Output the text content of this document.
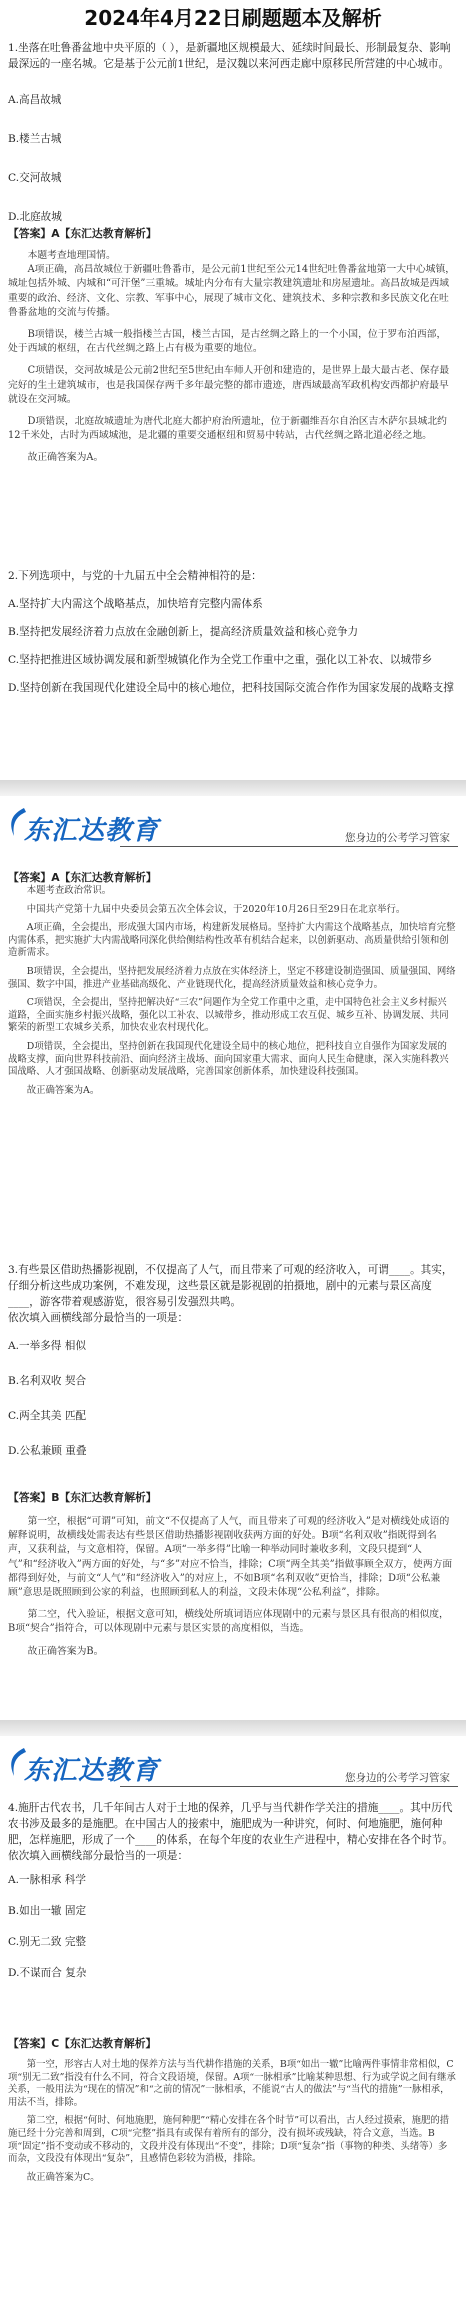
2024年4月22日刷题题本及解析

1.坐落在吐鲁番盆地中央平原的（ ），是新疆地区规模最大、延续时间最长、形制最复杂、影响最深远的一座名城。它是基于公元前1世纪，是汉魏以来河西走廊中原移民所营建的中心城市。

A.高昌故城

B.楼兰古城

C.交河故城

D.北庭故城

【答案】A【东汇达教育解析】

本题考查地理国情。

A项正确，高昌故城位于新疆吐鲁番市，是公元前1世纪至公元14世纪吐鲁番盆地第一大中心城镇，城址包括外城、内城和“可汗堡”三重城。城址内分布有大量宗教建筑遗址和房屋遗址。高昌故城是西域重要的政治、经济、文化、宗教、军事中心，展现了城市文化、建筑技术、多种宗教和多民族文化在吐鲁番盆地的交流与传播。

B项错误，楼兰古城一般指楼兰古国，楼兰古国，是古丝绸之路上的一个小国，位于罗布泊西部，处于西域的枢纽，在古代丝绸之路上占有极为重要的地位。

C项错误，交河故城是公元前2世纪至5世纪由车师人开创和建造的，是世界上最大最古老、保存最完好的生土建筑城市，也是我国保存两千多年最完整的都市遗迹，唐西域最高军政机构安西都护府最早就设在交河城。

D项错误，北庭故城遗址为唐代北庭大都护府治所遗址，位于新疆维吾尔自治区吉木萨尔县城北约12千米处，古时为西域城池，是北疆的重要交通枢纽和贸易中转站，古代丝绸之路北道必经之地。

故正确答案为A。

2.下列选项中，与党的十九届五中全会精神相符的是：

A.坚持扩大内需这个战略基点，加快培育完整内需体系

B.坚持把发展经济着力点放在金融创新上，提高经济质量效益和核心竞争力

C.坚持把推进区域协调发展和新型城镇化作为全党工作重中之重，强化以工补农、以城带乡

D.坚持创新在我国现代化建设全局中的核心地位，把科技国际交流合作作为国家发展的战略支撑

东汇达教育	您身边的公考学习管家

【答案】A【东汇达教育解析】

本题考查政治常识。

中国共产党第十九届中央委员会第五次全体会议，于2020年10月26日至29日在北京举行。

A项正确，全会提出，形成强大国内市场，构建新发展格局。坚持扩大内需这个战略基点，加快培育完整内需体系，把实施扩大内需战略同深化供给侧结构性改革有机结合起来，以创新驱动、高质量供给引领和创造新需求。

B项错误，全会提出，坚持把发展经济着力点放在实体经济上，坚定不移建设制造强国、质量强国、网络强国、数字中国，推进产业基础高级化、产业链现代化，提高经济质量效益和核心竞争力。

C项错误，全会提出，坚持把解决好“三农”问题作为全党工作重中之重，走中国特色社会主义乡村振兴道路，全面实施乡村振兴战略，强化以工补农、以城带乡，推动形成工农互促、城乡互补、协调发展、共同繁荣的新型工农城乡关系，加快农业农村现代化。

D项错误，全会提出，坚持创新在我国现代化建设全局中的核心地位，把科技自立自强作为国家发展的战略支撑，面向世界科技前沿、面向经济主战场、面向国家重大需求、面向人民生命健康，深入实施科教兴国战略、人才强国战略、创新驱动发展战略，完善国家创新体系，加快建设科技强国。

故正确答案为A。

3.有些景区借助热播影视剧，不仅提高了人气，而且带来了可观的经济收入，可谓____。其实，仔细分析这些成功案例，不难发现，这些景区就是影视剧的拍摄地，剧中的元素与景区高度____，游客带着观感游览，很容易引发强烈共鸣。

依次填入画横线部分最恰当的一项是：

A.一举多得 相似

B.名利双收 契合

C.两全其美 匹配

D.公私兼顾 重叠

【答案】B【东汇达教育解析】

第一空，根据“可谓”可知，前文“不仅提高了人气，而且带来了可观的经济收入”是对横线处成语的解释说明，故横线处需表达有些景区借助热播影视剧收获两方面的好处。B项“名利双收”指既得到名声，又获利益，与文意相符，保留。A项“一举多得”比喻一种举动同时兼收多利，文段只提到“人气”和“经济收入”两方面的好处，与“多”对应不恰当，排除；C项“两全其美”指做事顾全双方，使两方面都得到好处，与前文“人气”和“经济收入”的对应上，不如B项“名利双收”更恰当，排除；D项“公私兼顾”意思是既照顾到公家的利益，也照顾到私人的利益，文段未体现“公私利益”，排除。

第二空，代入验证，根据文意可知，横线处所填词语应体现剧中的元素与景区具有很高的相似度，B项“契合”指符合，可以体现剧中元素与景区实景的高度相似，当选。

故正确答案为B。

东汇达教育	您身边的公考学习管家

4.施肝古代农书，几千年间古人对于土地的保养，几乎与当代耕作学关注的措施____。其中历代农书涉及最多的是施肥。在中国古人的接索中，施肥成为一种讲究，何时、何地施肥，施何种肥，怎样施肥，形成了一个____的体系，在每个年度的农业生产进程中，精心安排在各个时节。

依次填入画横线部分最恰当的一项是：

A.一脉相承 科学

B.如出一辙 固定

C.别无二致 完整

D.不谋而合 复杂

【答案】C【东汇达教育解析】

第一空，形容古人对土地的保养方法与当代耕作措施的关系，B项“如出一辙”比喻两件事情非常相似，C项“别无二致”指没有什么不同，符合文段语境，保留。A项“一脉相承”比喻某种思想、行为或学说之间有继承关系，一般用法为“现在的情况”和“之前的情况”一脉相承，不能说“古人的做法”与“当代的措施”一脉相承，用法不当，排除。

第二空，根据“何时、何地施肥，施何种肥”“精心安排在各个时节”可以看出，古人经过摸索，施肥的措施已经十分完善和周到，C项“完整”指具有或保有着所有的部分，没有损坏或残缺，符合文意，当选。B项“固定”指不变动或不移动的，文段并没有体现出“不变”，排除；D项“复杂”指（事物的种类、头绪等）多而杂，文段没有体现出“复杂”，且感情色彩较为消极，排除。

故正确答案为C。
